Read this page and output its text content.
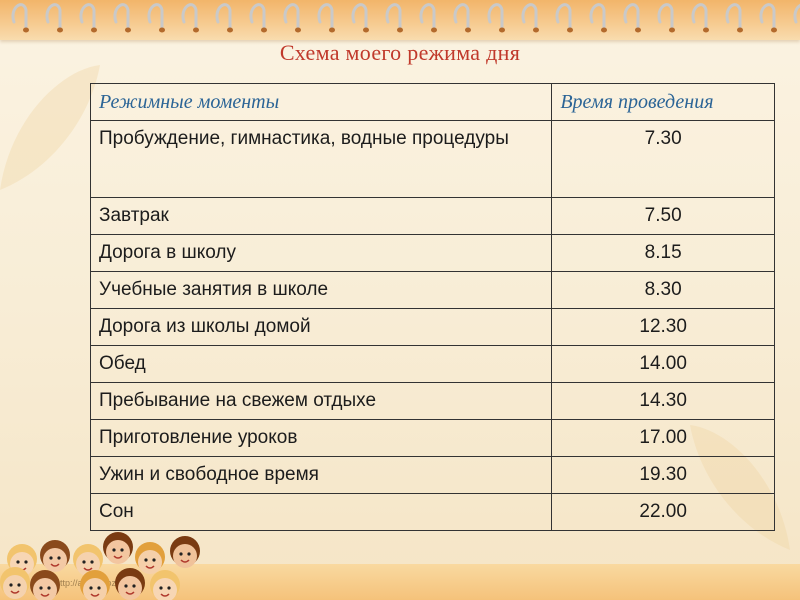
Схема моего режима дня
Режимные моменты	Время проведения
Пробуждение, гимнастика, водные процедуры	7.30
Завтрак	7.50
Дорога в школу	8.15
Учебные занятия в школе	8.30
Дорога из школы домой	12.30
Обед	14.00
Пребывание на свежем отдыхе	14.30
Приготовление уроков	17.00
Ужин и свободное время	19.30
Сон	22.00
